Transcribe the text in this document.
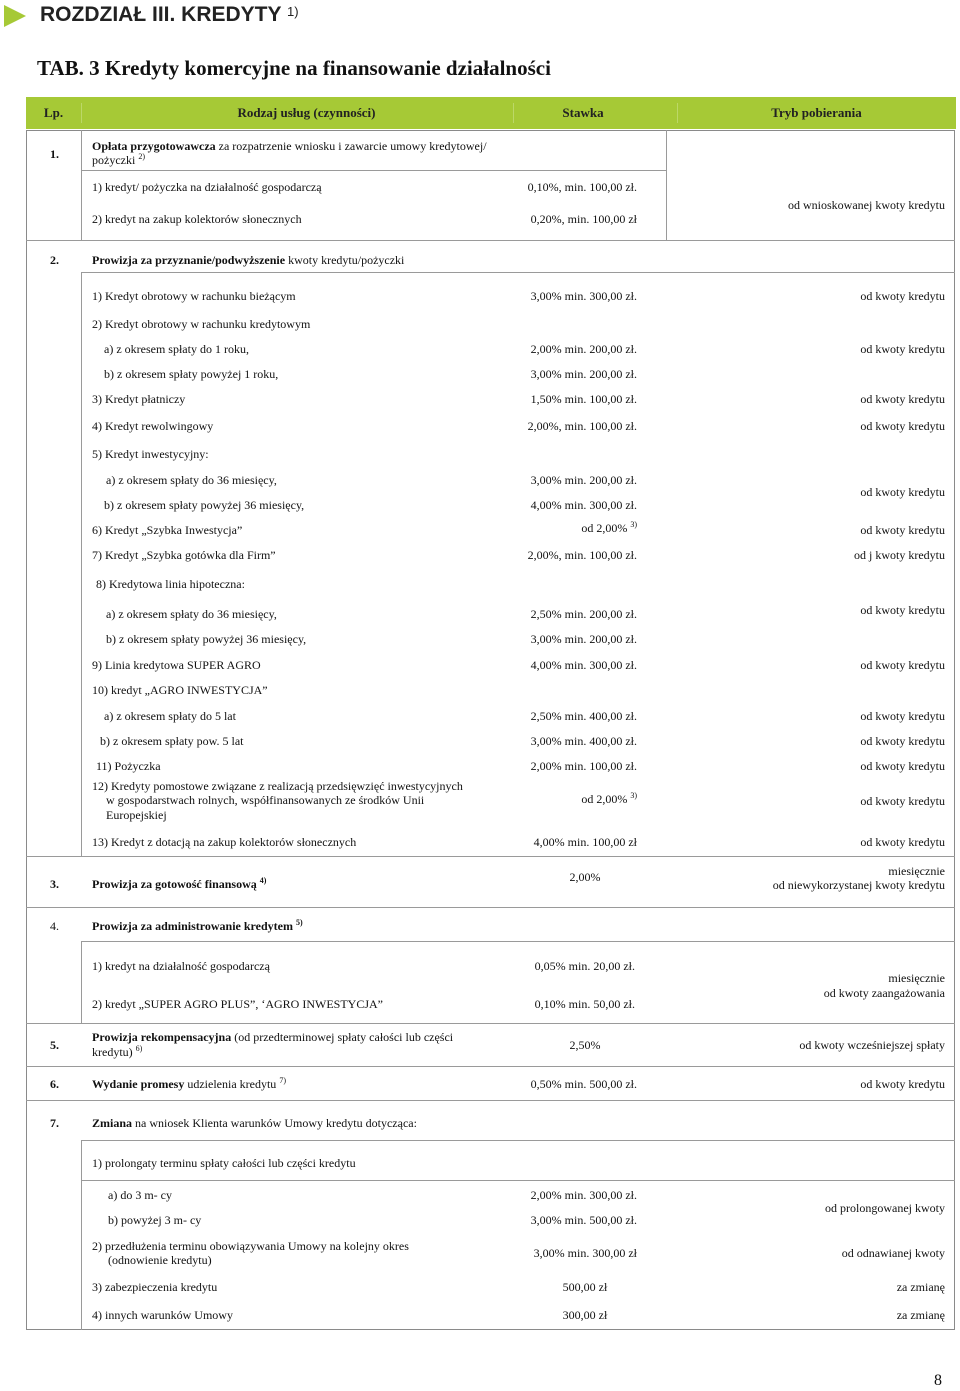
ROZDZIAŁ III. KREDYTY $^{1)}$
TAB. 3 Kredyty komercyjne na finansowanie działalności
Lp.	Rodzaj usług (czynności)	Stawka	Tryb pobierania
1.
Opłata przygotowawcza za rozpatrzenie wniosku i zawarcie umowy kredytowej/
pożyczki $^{2)}$
1) kredyt/ pożyczka na działalność gospodarczą	0,10%, min. 100,00 zł.
2) kredyt na zakup kolektorów słonecznych	0,20%, min. 100,00 zł
od wnioskowanej kwoty kredytu
2.	Prowizja za przyznanie/podwyższenie kwoty kredytu/pożyczki
1) Kredyt obrotowy w rachunku bieżącym	3,00% min. 300,00 zł.	od kwoty kredytu
2) Kredyt obrotowy w rachunku kredytowym
a) z okresem spłaty do 1 roku,	2,00% min. 200,00 zł.	od kwoty kredytu
b) z okresem spłaty powyżej 1 roku,	3,00% min. 200,00 zł.
3) Kredyt płatniczy	1,50% min. 100,00 zł.	od kwoty kredytu
4) Kredyt rewolwingowy	2,00%, min. 100,00 zł.	od kwoty kredytu
5) Kredyt inwestycyjny:
a) z okresem spłaty do 36 miesięcy,	3,00% min. 200,00 zł.
b) z okresem spłaty powyżej 36 miesięcy,	4,00% min. 300,00 zł.
od kwoty kredytu
6) Kredyt „Szybka Inwestycja”	od 2,00% $^{3)}$	od kwoty kredytu
7) Kredyt „Szybka gotówka dla Firm”	2,00%, min. 100,00 zł.	od j kwoty kredytu
8) Kredytowa linia hipoteczna:
a) z okresem spłaty do 36 miesięcy,	2,50% min. 200,00 zł.	od kwoty kredytu
b) z okresem spłaty powyżej 36 miesięcy,	3,00% min. 200,00 zł.
9) Linia kredytowa SUPER AGRO	4,00% min. 300,00 zł.	od kwoty kredytu
10) kredyt „AGRO INWESTYCJA”
a) z okresem spłaty do 5 lat	2,50% min. 400,00 zł.	od kwoty kredytu
b) z okresem spłaty pow. 5 lat	3,00% min. 400,00 zł.	od kwoty kredytu
11) Pożyczka	2,00% min. 100,00 zł.	od kwoty kredytu
12) Kredyty pomostowe związane z realizacją przedsięwzięć inwestycyjnych
w gospodarstwach rolnych, współfinansowanych ze środków Unii
Europejskiej
od 2,00% $^{3)}$	od kwoty kredytu
13) Kredyt z dotacją na zakup kolektorów słonecznych	4,00% min. 100,00 zł	od kwoty kredytu
3.	Prowizja za gotowość finansową $^{4)}$	2,00%	miesięcznie
od niewykorzystanej kwoty kredytu
4.	Prowizja za administrowanie kredytem $^{5)}$
1) kredyt na działalność gospodarczą	0,05% min. 20,00 zł.
2) kredyt „SUPER AGRO PLUS”, ‘AGRO INWESTYCJA”	0,10% min. 50,00 zł.
miesięcznie
od kwoty zaangażowania
5.
Prowizja rekompensacyjna (od przedterminowej spłaty całości lub części
kredytu) $^{6)}$	2,50%	od kwoty wcześniejszej spłaty
6.	Wydanie promesy udzielenia kredytu $^{7)}$	0,50% min. 500,00 zł.	od kwoty kredytu
7.	Zmiana na wniosek Klienta warunków Umowy kredytu dotycząca:
1) prolongaty terminu spłaty całości lub części kredytu
a) do 3 m- cy	2,00% min. 300,00 zł.
b) powyżej 3 m- cy	3,00% min. 500,00 zł.
od prolongowanej kwoty
2) przedłużenia terminu obowiązywania Umowy na kolejny okres
(odnowienie kredytu)	3,00% min. 300,00 zł	od odnawianej kwoty
3) zabezpieczenia kredytu	500,00 zł	za zmianę
4) innych warunków Umowy	300,00 zł	za zmianę
8
